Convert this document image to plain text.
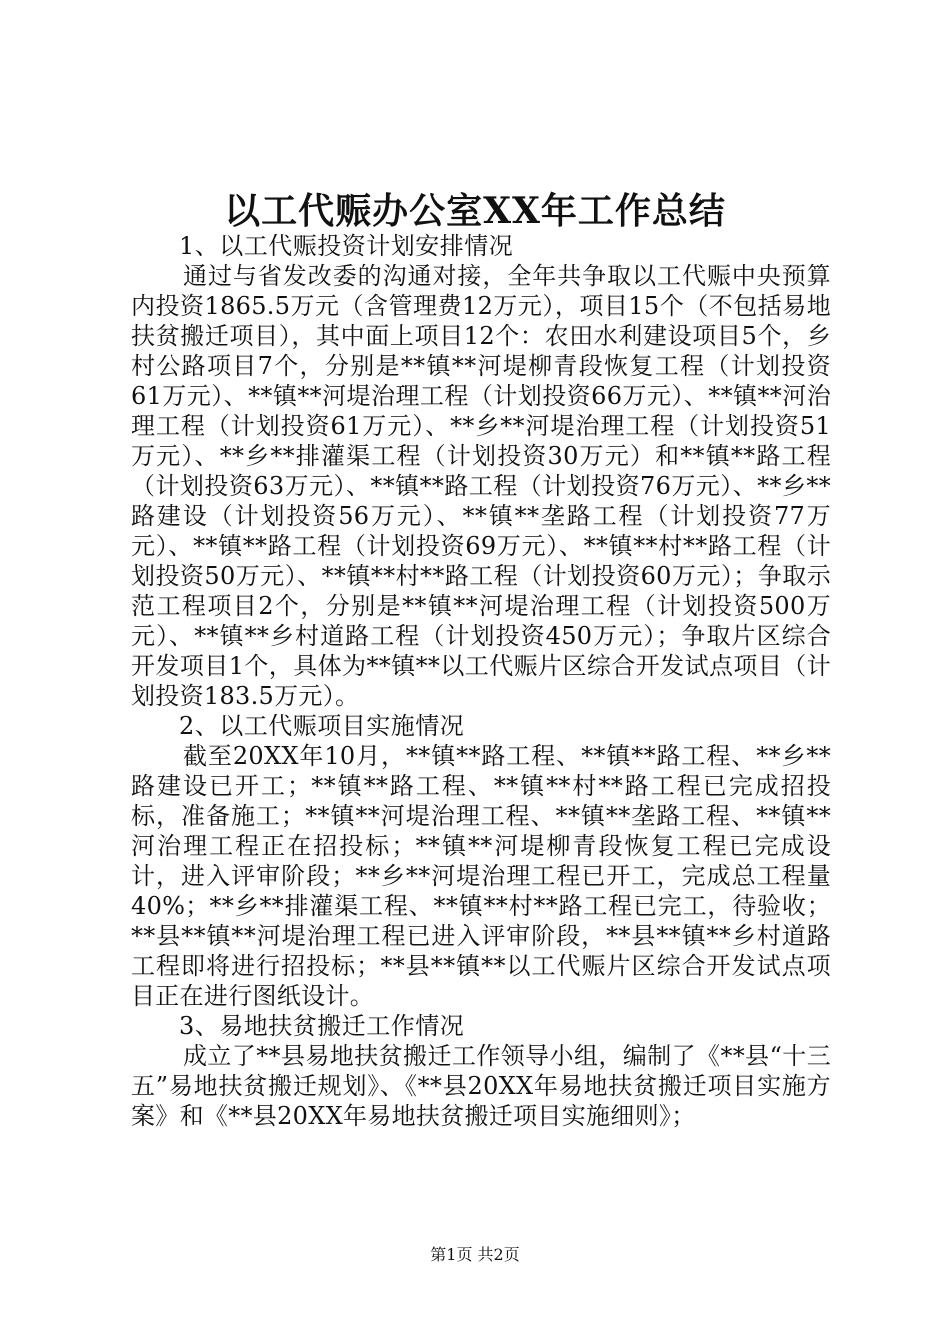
以工代赈办公室XX年工作总结

1、以工代赈投资计划安排情况

通过与省发改委的沟通对接，全年共争取以工代赈中央预算内投资1865.5万元（含管理费12万元），项目15个（不包括易地扶贫搬迁项目），其中面上项目12个：农田水利建设项目5个，乡村公路项目7个，分别是**镇**河堤柳青段恢复工程（计划投资61万元）、**镇**河堤治理工程（计划投资66万元）、**镇**河治理工程（计划投资61万元）、**乡**河堤治理工程（计划投资51万元）、**乡**排灌渠工程（计划投资30万元）和**镇**路工程（计划投资63万元）、**镇**路工程（计划投资76万元）、**乡**路建设（计划投资56万元）、**镇**垄路工程（计划投资77万元）、**镇**路工程（计划投资69万元）、**镇**村**路工程（计划投资50万元）、**镇**村**路工程（计划投资60万元）；争取示范工程项目2个，分别是**镇**河堤治理工程（计划投资500万元）、**镇**乡村道路工程（计划投资450万元）；争取片区综合开发项目1个，具体为**镇**以工代赈片区综合开发试点项目（计划投资183.5万元）。

2、以工代赈项目实施情况

截至20XX年10月，**镇**路工程、**镇**路工程、**乡**路建设已开工；**镇**路工程、**镇**村**路工程已完成招投标，准备施工；**镇**河堤治理工程、**镇**垄路工程、**镇**河治理工程正在招投标；**镇**河堤柳青段恢复工程已完成设计，进入评审阶段；**乡**河堤治理工程已开工，完成总工程量40%；**乡**排灌渠工程、**镇**村**路工程已完工，待验收；**县**镇**河堤治理工程已进入评审阶段，**县**镇**乡村道路工程即将进行招投标；**县**镇**以工代赈片区综合开发试点项目正在进行图纸设计。

3、易地扶贫搬迁工作情况

成立了**县易地扶贫搬迁工作领导小组，编制了《**县“十三五”易地扶贫搬迁规划》、《**县20XX年易地扶贫搬迁项目实施方案》和《**县20XX年易地扶贫搬迁项目实施细则》；

第1页 共2页
